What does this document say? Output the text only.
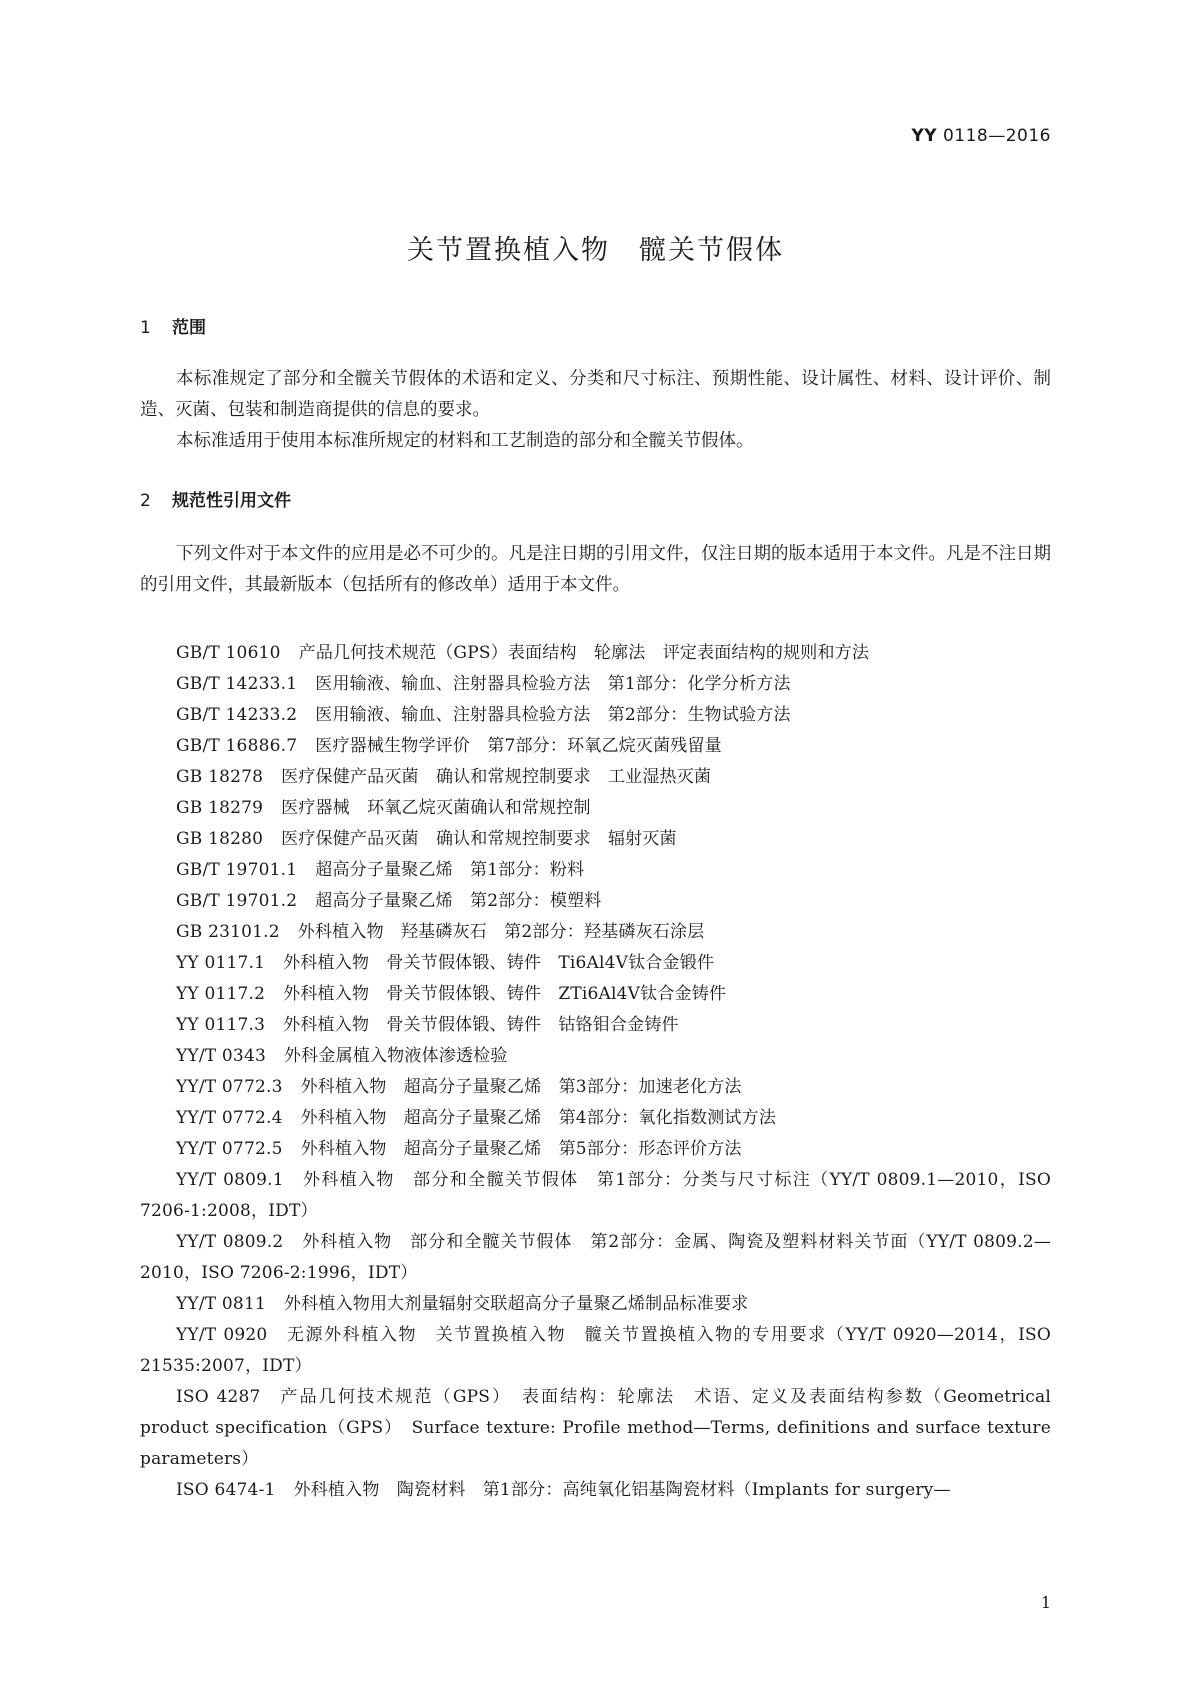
YY 0118—2016
关节置换植入物　髋关节假体
1 范围

本标准规定了部分和全髋关节假体的术语和定义、分类和尺寸标注、预期性能、设计属性、材料、设计评价、制造、灭菌、包装和制造商提供的信息的要求。

本标准适用于使用本标准所规定的材料和工艺制造的部分和全髋关节假体。

2 规范性引用文件

下列文件对于本文件的应用是必不可少的。凡是注日期的引用文件，仅注日期的版本适用于本文件。凡是不注日期的引用文件，其最新版本（包括所有的修改单）适用于本文件。

GB/T 10610 产品几何技术规范（GPS）表面结构　轮廓法　评定表面结构的规则和方法
GB/T 14233.1 医用输液、输血、注射器具检验方法　第1部分：化学分析方法
GB/T 14233.2 医用输液、输血、注射器具检验方法　第2部分：生物试验方法
GB/T 16886.7 医疗器械生物学评价　第7部分：环氧乙烷灭菌残留量
GB 18278 医疗保健产品灭菌　确认和常规控制要求　工业湿热灭菌
GB 18279 医疗器械　环氧乙烷灭菌确认和常规控制
GB 18280 医疗保健产品灭菌　确认和常规控制要求　辐射灭菌
GB/T 19701.1 超高分子量聚乙烯　第1部分：粉料
GB/T 19701.2 超高分子量聚乙烯　第2部分：模塑料
GB 23101.2 外科植入物　羟基磷灰石　第2部分：羟基磷灰石涂层
YY 0117.1 外科植入物　骨关节假体锻、铸件　Ti6Al4V钛合金锻件
YY 0117.2 外科植入物　骨关节假体锻、铸件　ZTi6Al4V钛合金铸件
YY 0117.3 外科植入物　骨关节假体锻、铸件　钴铬钼合金铸件
YY/T 0343 外科金属植入物液体渗透检验
YY/T 0772.3 外科植入物　超高分子量聚乙烯　第3部分：加速老化方法
YY/T 0772.4 外科植入物　超高分子量聚乙烯　第4部分：氧化指数测试方法
YY/T 0772.5 外科植入物　超高分子量聚乙烯　第5部分：形态评价方法
YY/T 0809.1 外科植入物　部分和全髋关节假体　第1部分：分类与尺寸标注（YY/T 0809.1—2010，ISO 7206-1:2008，IDT）
YY/T 0809.2 外科植入物　部分和全髋关节假体　第2部分：金属、陶瓷及塑料材料关节面（YY/T 0809.2—2010，ISO 7206-2:1996，IDT）
YY/T 0811 外科植入物用大剂量辐射交联超高分子量聚乙烯制品标准要求
YY/T 0920 无源外科植入物　关节置换植入物　髋关节置换植入物的专用要求（YY/T 0920—2014，ISO 21535:2007，IDT）
ISO 4287 产品几何技术规范（GPS）　表面结构：轮廓法　术语、定义及表面结构参数（Geometrical product specification（GPS）　Surface texture: Profile method—Terms, definitions and surface texture parameters）
ISO 6474-1 外科植入物　陶瓷材料　第1部分：高纯氧化铝基陶瓷材料（Implants for surgery—
1
